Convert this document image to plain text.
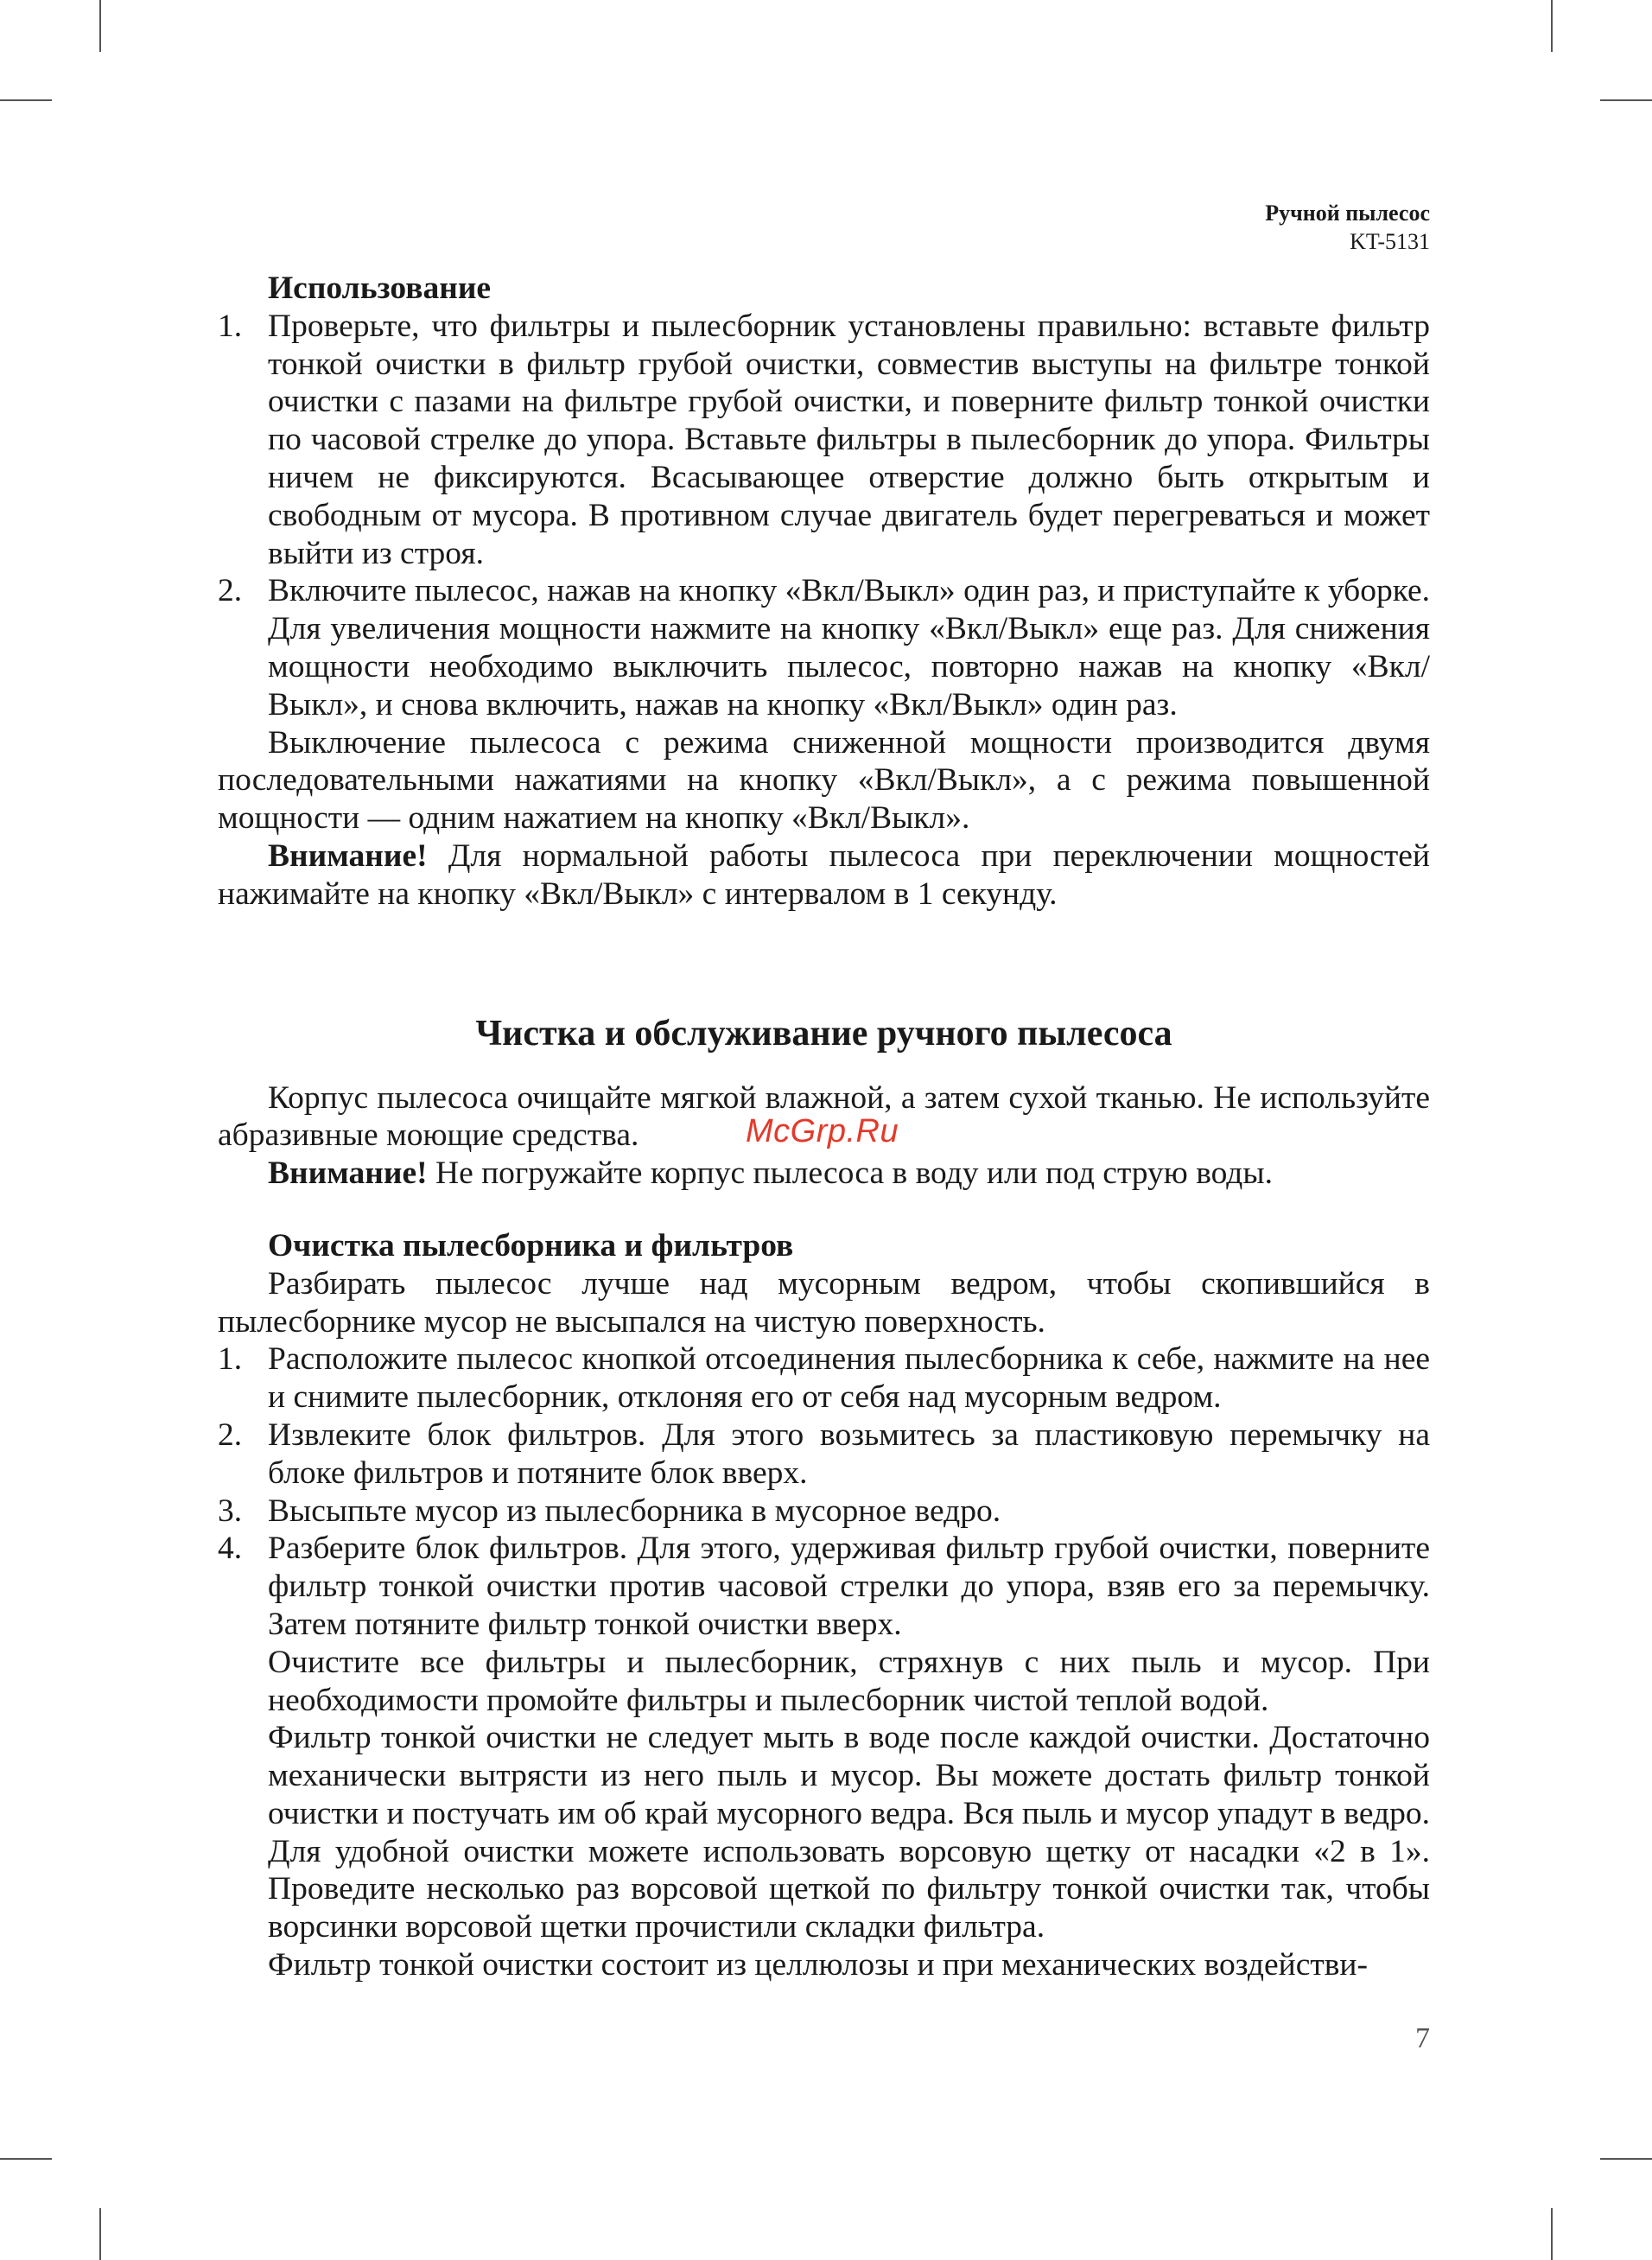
Ручной пылесос
KT-5131

Использование

1. Проверьте, что фильтры и пылесборник установлены правильно: вставьте фильтр тонкой очистки в фильтр грубой очистки, совместив выступы на фильтре тонкой очистки с пазами на фильтре грубой очистки, и поверните фильтр тонкой очистки по часовой стрелке до упора. Вставьте фильтры в пылесборник до упора. Фильтры ничем не фиксируются. Всасывающее отверстие должно быть открытым и свободным от мусора. В противном случае двигатель будет перегреваться и может выйти из строя.
2. Включите пылесос, нажав на кнопку «Вкл/Выкл» один раз, и приступайте к уборке. Для увеличения мощности нажмите на кнопку «Вкл/Выкл» еще раз. Для снижения мощности необходимо выключить пылесос, повторно нажав на кнопку «Вкл/Выкл», и снова включить, нажав на кнопку «Вкл/Выкл» один раз.

Выключение пылесоса с режима сниженной мощности производится двумя последовательными нажатиями на кнопку «Вкл/Выкл», а с режима повышенной мощности — одним нажатием на кнопку «Вкл/Выкл».

Внимание! Для нормальной работы пылесоса при переключении мощностей нажимайте на кнопку «Вкл/Выкл» с интервалом в 1 секунду.

Чистка и обслуживание ручного пылесоса

Корпус пылесоса очищайте мягкой влажной, а затем сухой тканью. Не используйте абразивные моющие средства.

Внимание! Не погружайте корпус пылесоса в воду или под струю воды.

Очистка пылесборника и фильтров

Разбирать пылесос лучше над мусорным ведром, чтобы скопившийся в пылесборнике мусор не высыпался на чистую поверхность.

1. Расположите пылесос кнопкой отсоединения пылесборника к себе, нажмите на нее и снимите пылесборник, отклоняя его от себя над мусорным ведром.
2. Извлеките блок фильтров. Для этого возьмитесь за пластиковую перемычку на блоке фильтров и потяните блок вверх.
3. Высыпьте мусор из пылесборника в мусорное ведро.
4. Разберите блок фильтров. Для этого, удерживая фильтр грубой очистки, поверните фильтр тонкой очистки против часовой стрелки до упора, взяв его за перемычку. Затем потяните фильтр тонкой очистки вверх.

Очистите все фильтры и пылесборник, стряхнув с них пыль и мусор. При необходимости промойте фильтры и пылесборник чистой теплой водой.

Фильтр тонкой очистки не следует мыть в воде после каждой очистки. Достаточно механически вытрясти из него пыль и мусор. Вы можете достать фильтр тонкой очистки и постучать им об край мусорного ведра. Вся пыль и мусор упадут в ведро. Для удобной очистки можете использовать ворсовую щетку от насадки «2 в 1». Проведите несколько раз ворсовой щеткой по фильтру тонкой очистки так, чтобы ворсинки ворсовой щетки прочистили складки фильтра.

Фильтр тонкой очистки состоит из целлюлозы и при механических воздействи-

McGrp.Ru
7
